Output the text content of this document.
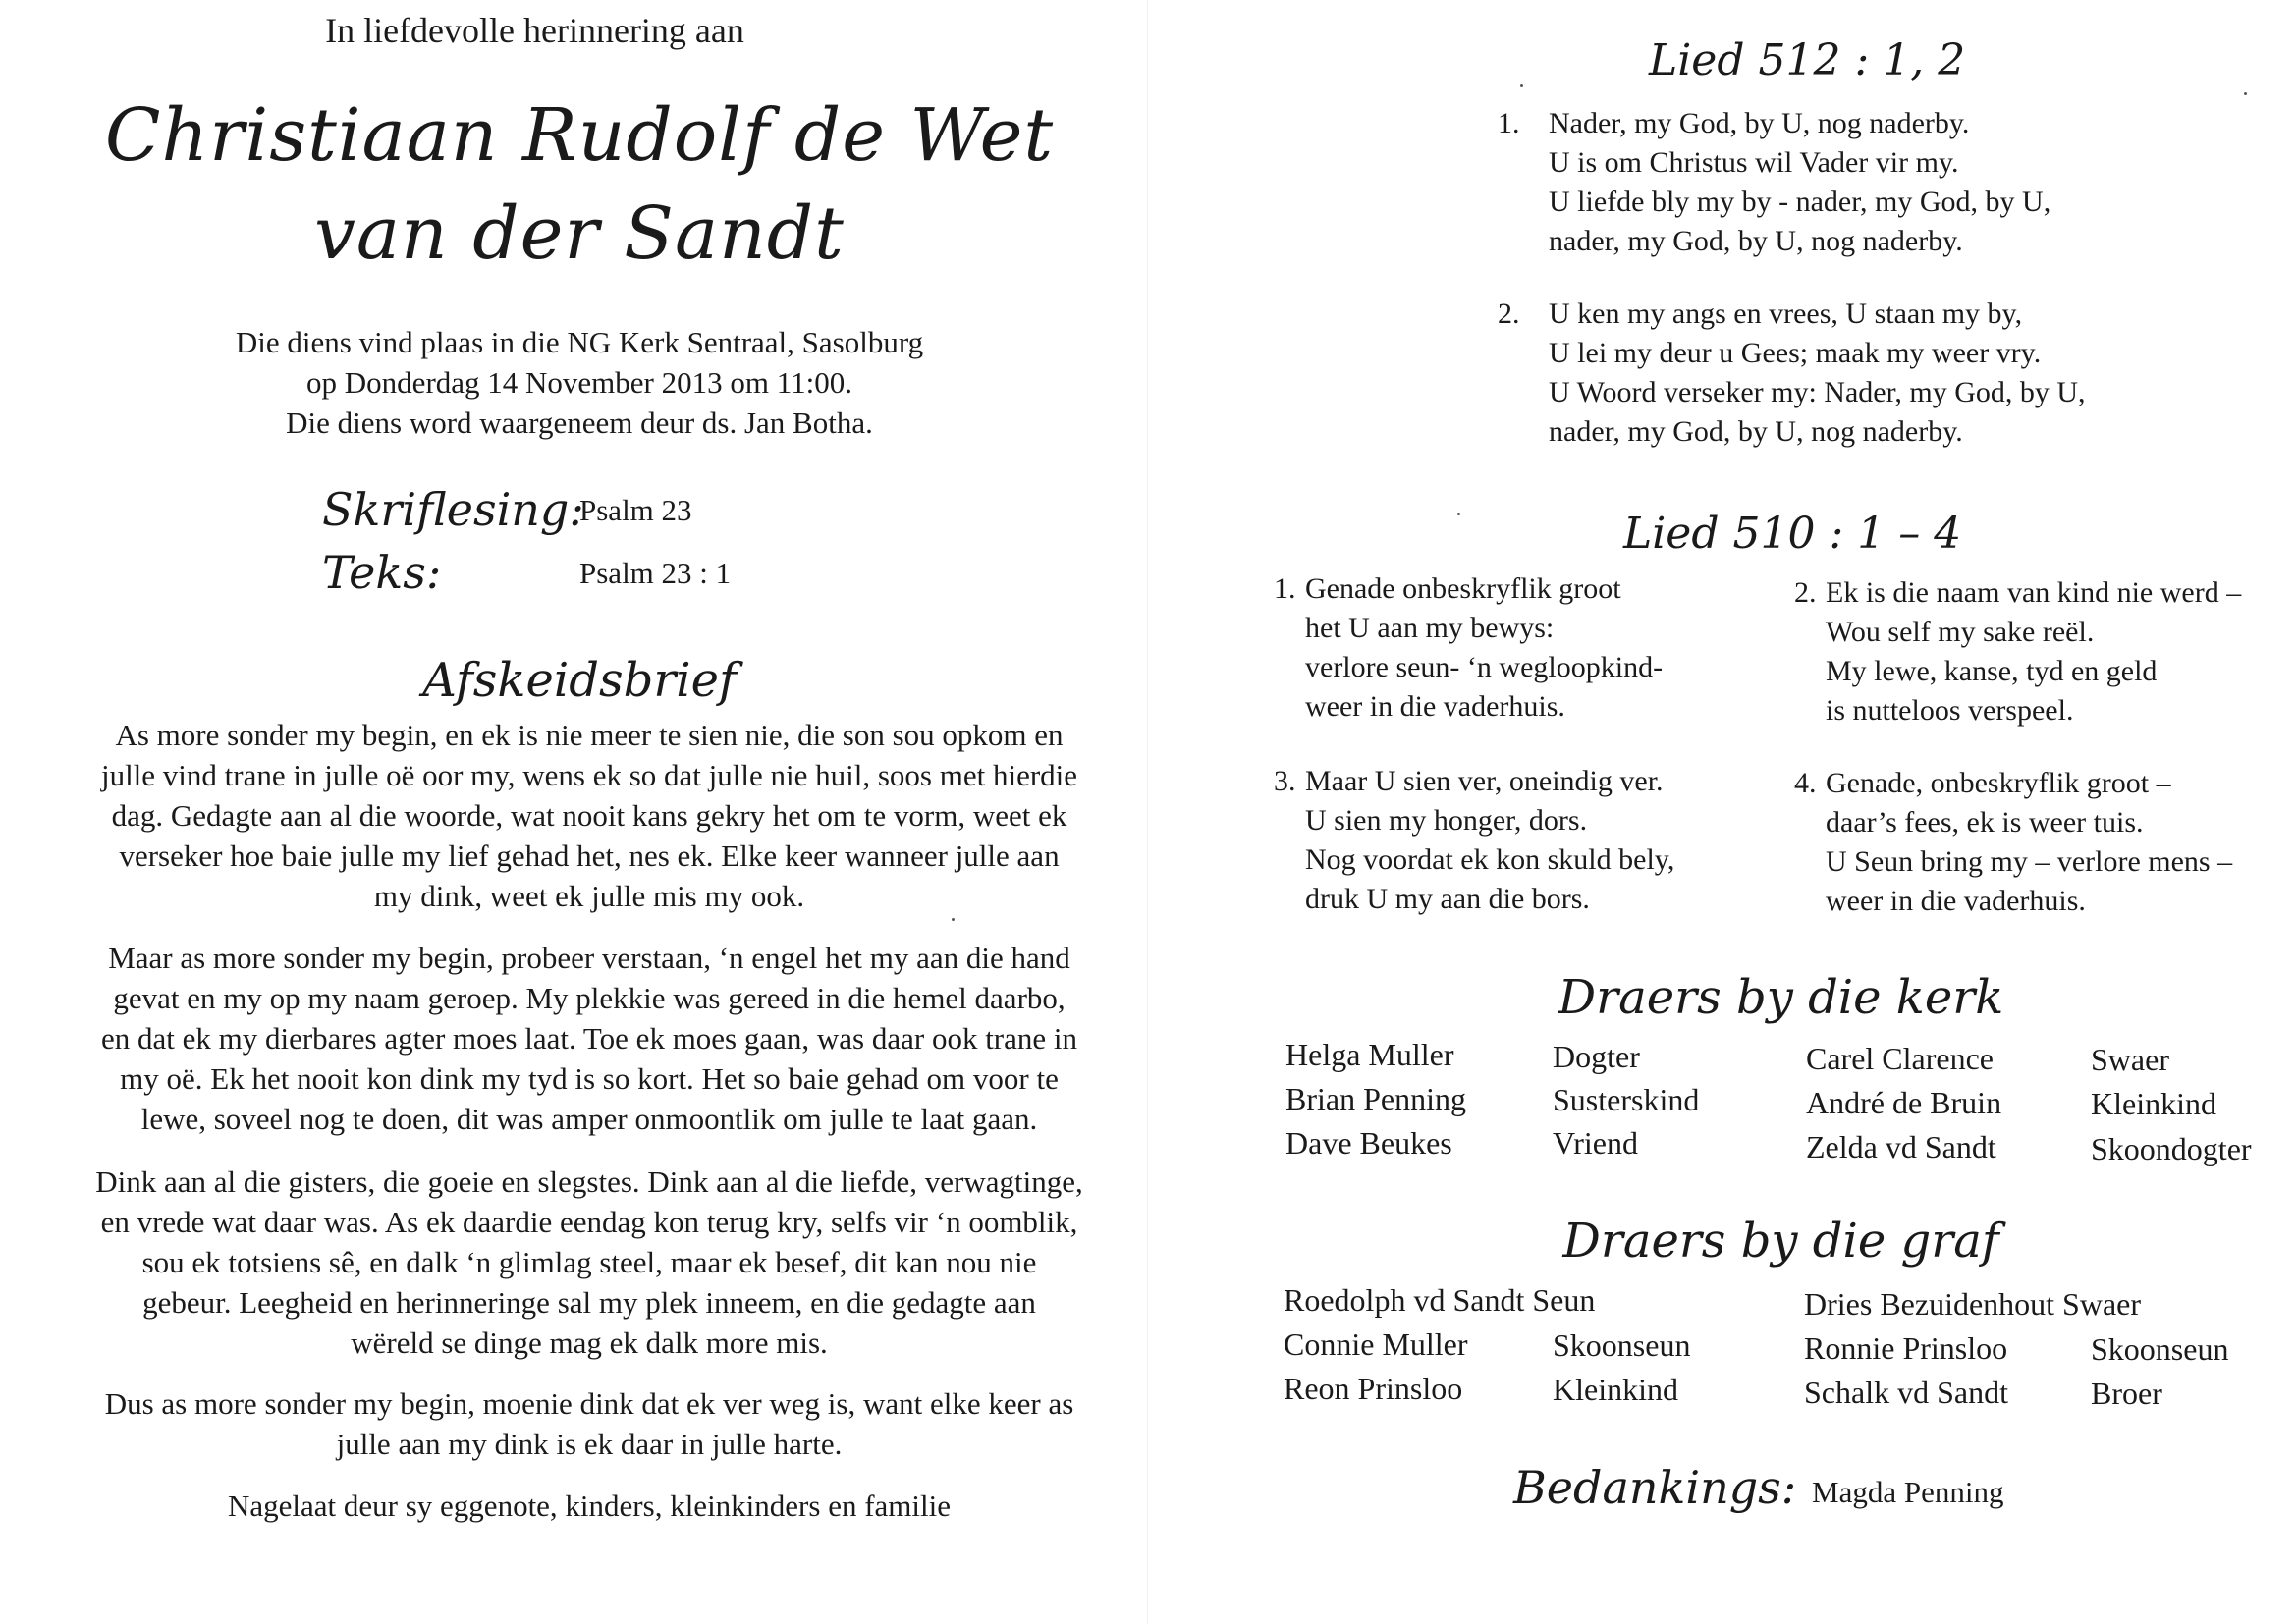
In liefdevolle herinnering aan

Christiaan Rudolf de Wet

van der Sandt

Die diens vind plaas in die NG Kerk Sentraal, Sasolburg
op Donderdag 14 November 2013 om 11:00.
Die diens word waargeneem deur ds. Jan Botha.
Skriflesing:
Psalm 23
Teks:	Psalm 23 : 1

Afskeidsbrief

As more sonder my begin, en ek is nie meer te sien nie, die son sou opkom en
julle vind trane in julle oë oor my, wens ek so dat julle nie huil, soos met hierdie
dag. Gedagte aan al die woorde, wat nooit kans gekry het om te vorm, weet ek
verseker hoe baie julle my lief gehad het, nes ek. Elke keer wanneer julle aan
my dink, weet ek julle mis my ook.
Maar as more sonder my begin, probeer verstaan, ‘n engel het my aan die hand
gevat en my op my naam geroep. My plekkie was gereed in die hemel daarbo,
en dat ek my dierbares agter moes laat. Toe ek moes gaan, was daar ook trane in
my oë. Ek het nooit kon dink my tyd is so kort. Het so baie gehad om voor te
lewe, soveel nog te doen, dit was amper onmoontlik om julle te laat gaan.
Dink aan al die gisters, die goeie en slegstes. Dink aan al die liefde, verwagtinge,
en vrede wat daar was. As ek daardie eendag kon terug kry, selfs vir ‘n oomblik,
sou ek totsiens sê, en dalk ‘n glimlag steel, maar ek besef, dit kan nou nie
gebeur. Leegheid en herinneringe sal my plek inneem, en die gedagte aan
wëreld se dinge mag ek dalk more mis.
Dus as more sonder my begin, moenie dink dat ek ver weg is, want elke keer as
julle aan my dink is ek daar in julle harte.
Nagelaat deur sy eggenote, kinders, kleinkinders en familie

Lied 512 : 1, 2

1. Nader, my God, by U, nog naderby.
U is om Christus wil Vader vir my.
U liefde bly my by - nader, my God, by U,
nader, my God, by U, nog naderby.
2. U ken my angs en vrees, U staan my by,
U lei my deur u Gees; maak my weer vry.
U Woord verseker my: Nader, my God, by U,
nader, my God, by U, nog naderby.

Lied 510 : 1 – 4

1. Genade onbeskryflik groot
het U aan my bewys:
verlore seun- ‘n wegloopkind-
weer in die vaderhuis.
2. Ek is die naam van kind nie werd –
Wou self my sake reël.
My lewe, kanse, tyd en geld
is nutteloos verspeel.
3. Maar U sien ver, oneindig ver.
U sien my honger, dors.
Nog voordat ek kon skuld bely,
druk U my aan die bors.
4. Genade, onbeskryflik groot –
daar’s fees, ek is weer tuis.
U Seun bring my – verlore mens –
weer in die vaderhuis.

Draers by die kerk

Helga Muller	Dogter
Brian Penning	Susterskind
Dave Beukes	Vriend
Carel Clarence	Swaer
André de Bruin	Kleinkind
Zelda vd Sandt	Skoondogter

Draers by die graf

Roedolph vd Sandt Seun
Connie Muller	Skoonseun
Reon Prinsloo	Kleinkind
Dries Bezuidenhout Swaer
Ronnie Prinsloo	Skoonseun
Schalk vd Sandt	Broer
Bedankings: Magda Penning
